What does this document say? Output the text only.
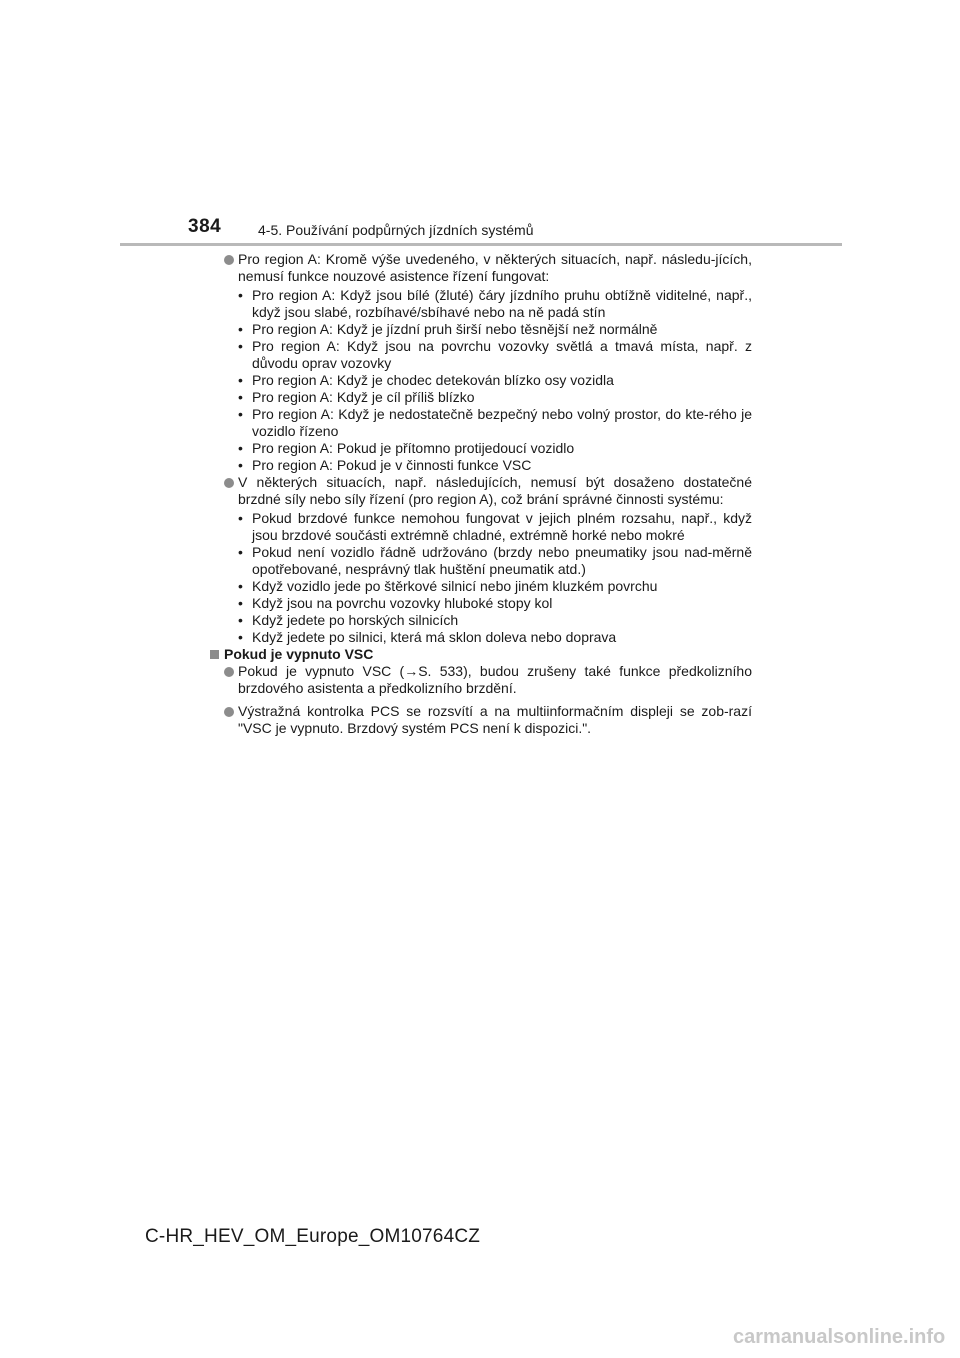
384	4-5. Používání podpůrných jízdních systémů
Pro region A: Kromě výše uvedeného, v některých situacích, např. následu-jících, nemusí funkce nouzové asistence řízení fungovat:
• Pro region A: Když jsou bílé (žluté) čáry jízdního pruhu obtížně viditelné, např., když jsou slabé, rozbíhavé/sbíhavé nebo na ně padá stín
• Pro region A: Když je jízdní pruh širší nebo těsnější než normálně
• Pro region A: Když jsou na povrchu vozovky světlá a tmavá místa, např. z důvodu oprav vozovky
• Pro region A: Když je chodec detekován blízko osy vozidla
• Pro region A: Když je cíl příliš blízko
• Pro region A: Když je nedostatečně bezpečný nebo volný prostor, do kte-rého je vozidlo řízeno
• Pro region A: Pokud je přítomno protijedoucí vozidlo
• Pro region A: Pokud je v činnosti funkce VSC
V některých situacích, např. následujících, nemusí být dosaženo dostatečné brzdné síly nebo síly řízení (pro region A), což brání správné činnosti systému:
• Pokud brzdové funkce nemohou fungovat v jejich plném rozsahu, např., když jsou brzdové součásti extrémně chladné, extrémně horké nebo mokré
• Pokud není vozidlo řádně udržováno (brzdy nebo pneumatiky jsou nad-měrně opotřebované, nesprávný tlak huštění pneumatik atd.)
• Když vozidlo jede po štěrkové silnicí nebo jiném kluzkém povrchu
• Když jsou na povrchu vozovky hluboké stopy kol
• Když jedete po horských silnicích
• Když jedete po silnici, která má sklon doleva nebo doprava
Pokud je vypnuto VSC
Pokud je vypnuto VSC (→S. 533), budou zrušeny také funkce předkolizního brzdového asistenta a předkolizního brzdění.
Výstražná kontrolka PCS se rozsvítí a na multiinformačním displeji se zob-razí "VSC je vypnuto. Brzdový systém PCS není k dispozici.".
C-HR_HEV_OM_Europe_OM10764CZ
carmanualsonline.info
